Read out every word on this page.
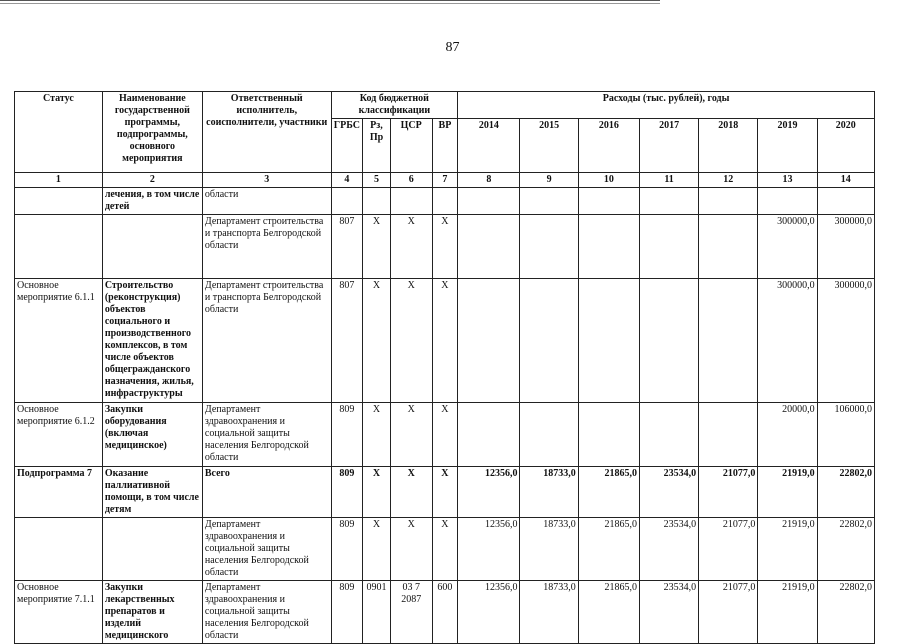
87
Статус	Наименование государственной программы, подпрограммы, основного мероприятия	Ответственный исполнитель, соисполнители, участники	Код бюджетной классификации				Расходы (тыс. рублей), годы						
			ГРБС	Рз, Пр	ЦСР	ВР	2014	2015	2016	2017	2018	2019	2020
1	2	3	4	5	6	7	8	9	10	11	12	13	14
	лечения, в том числе детей	области											
		Департамент строительства и транспорта Белгородской области	807	Х	Х	Х						300000,0	300000,0
Основное мероприятие 6.1.1	Строительство (реконструкция) объектов социального и производственного комплексов, в том числе объектов общегражданского назначения, жилья, инфраструктуры	Департамент строительства и транспорта Белгородской области	807	Х	Х	Х						300000,0	300000,0
Основное мероприятие 6.1.2	Закупки оборудования (включая медицинское)	Департамент здравоохранения и социальной защиты населения Белгородской области	809	Х	Х	Х						20000,0	106000,0
Подпрограмма 7	Оказание паллиативной помощи, в том числе детям	Всего	809	Х	Х	Х	12356,0	18733,0	21865,0	23534,0	21077,0	21919,0	22802,0
		Департамент здравоохранения и социальной защиты населения Белгородской области	809	Х	Х	Х	12356,0	18733,0	21865,0	23534,0	21077,0	21919,0	22802,0
Основное мероприятие 7.1.1	Закупки лекарственных препаратов и изделий медицинского	Департамент здравоохранения и социальной защиты населения Белгородской области	809	0901	03 7 2087	600	12356,0	18733,0	21865,0	23534,0	21077,0	21919,0	22802,0
